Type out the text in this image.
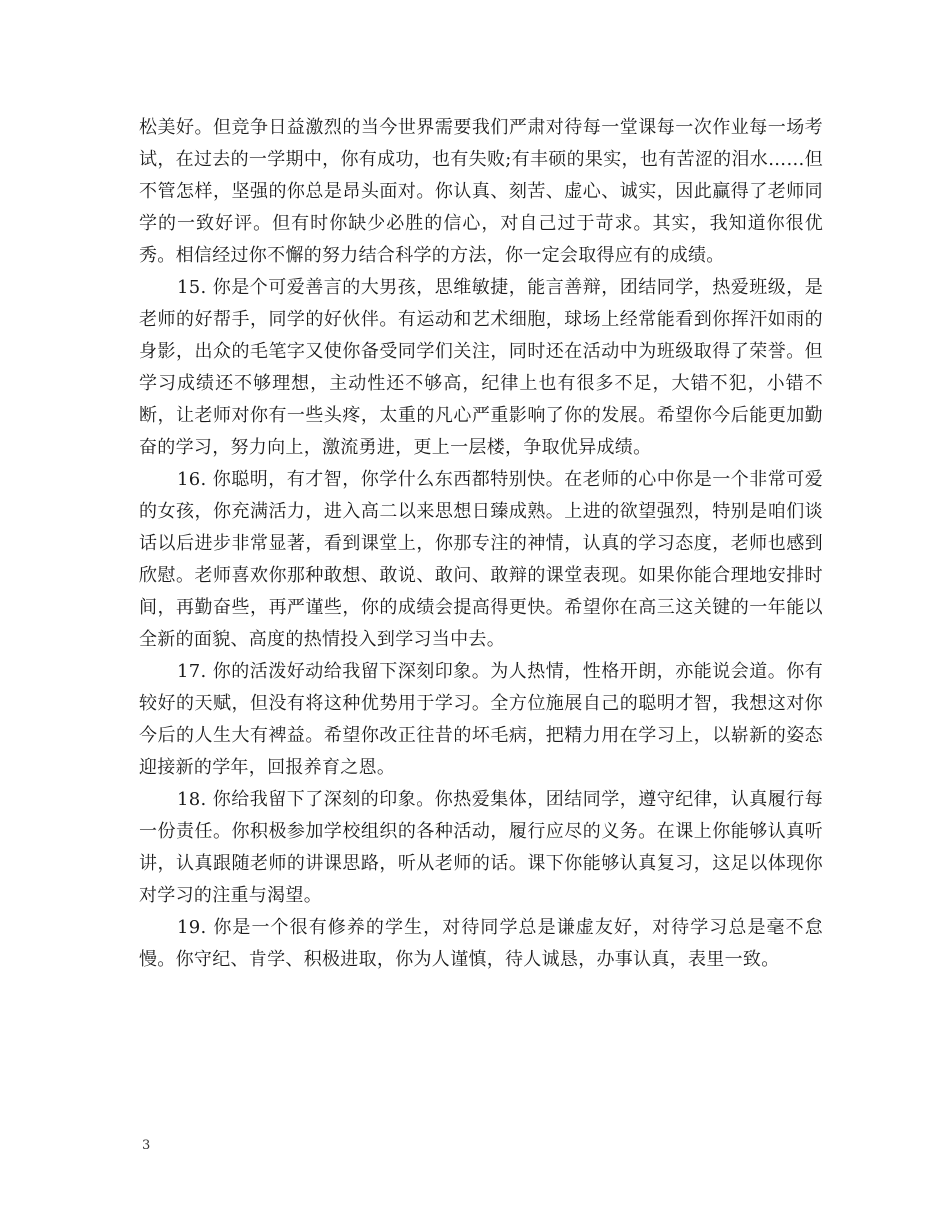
松美好。但竞争日益激烈的当今世界需要我们严肃对待每一堂课每一次作业每一场考试，在过去的一学期中，你有成功，也有失败;有丰硕的果实，也有苦涩的泪水……但不管怎样，坚强的你总是昂头面对。你认真、刻苦、虚心、诚实，因此赢得了老师同学的一致好评。但有时你缺少必胜的信心，对自己过于苛求。其实，我知道你很优秀。相信经过你不懈的努力结合科学的方法，你一定会取得应有的成绩。

15. 你是个可爱善言的大男孩，思维敏捷，能言善辩，团结同学，热爱班级，是老师的好帮手，同学的好伙伴。有运动和艺术细胞，球场上经常能看到你挥汗如雨的身影，出众的毛笔字又使你备受同学们关注，同时还在活动中为班级取得了荣誉。但学习成绩还不够理想，主动性还不够高，纪律上也有很多不足，大错不犯，小错不断，让老师对你有一些头疼，太重的凡心严重影响了你的发展。希望你今后能更加勤奋的学习，努力向上，激流勇进，更上一层楼，争取优异成绩。

16. 你聪明，有才智，你学什么东西都特别快。在老师的心中你是一个非常可爱的女孩，你充满活力，进入高二以来思想日臻成熟。上进的欲望强烈，特别是咱们谈话以后进步非常显著，看到课堂上，你那专注的神情，认真的学习态度，老师也感到欣慰。老师喜欢你那种敢想、敢说、敢问、敢辩的课堂表现。如果你能合理地安排时间，再勤奋些，再严谨些，你的成绩会提高得更快。希望你在高三这关键的一年能以全新的面貌、高度的热情投入到学习当中去。

17. 你的活泼好动给我留下深刻印象。为人热情，性格开朗，亦能说会道。你有较好的天赋，但没有将这种优势用于学习。全方位施展自己的聪明才智，我想这对你今后的人生大有裨益。希望你改正往昔的坏毛病，把精力用在学习上，以崭新的姿态迎接新的学年，回报养育之恩。

18. 你给我留下了深刻的印象。你热爱集体，团结同学，遵守纪律，认真履行每一份责任。你积极参加学校组织的各种活动，履行应尽的义务。在课上你能够认真听讲，认真跟随老师的讲课思路，听从老师的话。课下你能够认真复习，这足以体现你对学习的注重与渴望。

19. 你是一个很有修养的学生，对待同学总是谦虚友好，对待学习总是毫不怠慢。你守纪、肯学、积极进取，你为人谨慎，待人诚恳，办事认真，表里一致。

3
